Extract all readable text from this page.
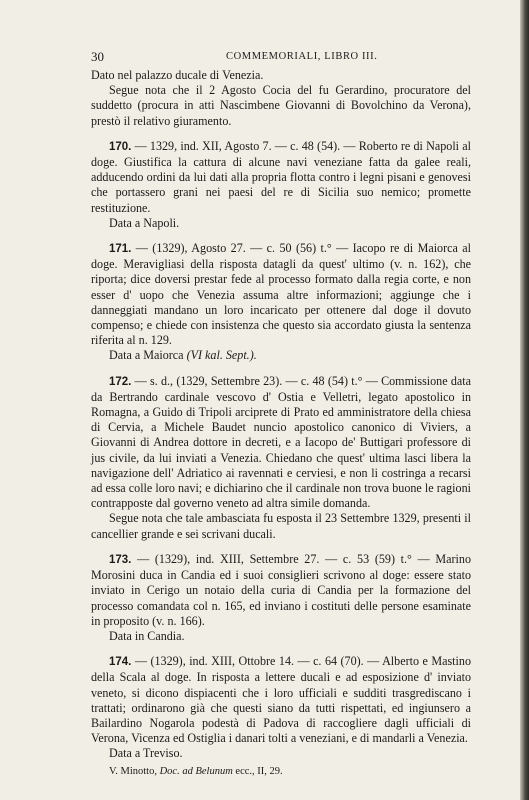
30	COMMEMORIALI, LIBRO III.

Dato nel palazzo ducale di Venezia.

Segue nota che il 2 Agosto Cocia del fu Gerardino, procuratore del suddetto (procura in atti Nascimbene Giovanni di Bovolchino da Verona), prestò il relativo giuramento.

170. — 1329, ind. XII, Agosto 7. — c. 48 (54). — Roberto re di Napoli al doge. Giustifica la cattura di alcune navi veneziane fatta da galee reali, adducendo ordini da lui dati alla propria flotta contro i legni pisani e genovesi che portassero grani nei paesi del re di Sicilia suo nemico; promette restituzione.

Data a Napoli.

171. — (1329), Agosto 27. — c. 50 (56) t.° — Iacopo re di Maiorca al doge. Meravigliasi della risposta datagli da quest' ultimo (v. n. 162), che riporta; dice doversi prestar fede al processo formato dalla regia corte, e non esser d' uopo che Venezia assuma altre informazioni; aggiunge che i danneggiati mandano un loro incaricato per ottenere dal doge il dovuto compenso; e chiede con insistenza che questo sia accordato giusta la sentenza riferita al n. 129.

Data a Maiorca (VI kal. Sept.).

172. — s. d., (1329, Settembre 23). — c. 48 (54) t.° — Commissione data da Bertrando cardinale vescovo d' Ostia e Velletri, legato apostolico in Romagna, a Guido di Tripoli arciprete di Prato ed amministratore della chiesa di Cervia, a Michele Baudet nuncio apostolico canonico di Viviers, a Giovanni di Andrea dottore in decreti, e a Iacopo de' Buttigari professore di jus civile, da lui inviati a Venezia. Chiedano che quest' ultima lasci libera la navigazione dell' Adriatico ai ravennati e cerviesi, e non li costringa a recarsi ad essa colle loro navi; e dichiarino che il cardinale non trova buone le ragioni contrapposte dal governo veneto ad altra simile domanda.

Segue nota che tale ambasciata fu esposta il 23 Settembre 1329, presenti il cancellier grande e sei scrivani ducali.

173. — (1329), ind. XIII, Settembre 27. — c. 53 (59) t.° — Marino Morosini duca in Candia ed i suoi consiglieri scrivono al doge: essere stato inviato in Cerigo un notaio della curia di Candia per la formazione del processo comandata col n. 165, ed inviano i costituti delle persone esaminate in proposito (v. n. 166).

Data in Candia.

174. — (1329), ind. XIII, Ottobre 14. — c. 64 (70). — Alberto e Mastino della Scala al doge. In risposta a lettere ducali e ad esposizione d' inviato veneto, si dicono dispiacenti che i loro ufficiali e sudditi trasgrediscano i trattati; ordinarono già che questi siano da tutti rispettati, ed ingiunsero a Bailardino Nogarola podestà di Padova di raccogliere dagli ufficiali di Verona, Vicenza ed Ostiglia i danari tolti a veneziani, e di mandarli a Venezia.

Data a Treviso.

V. Minotto, Doc. ad Belunum ecc., II, 29.
